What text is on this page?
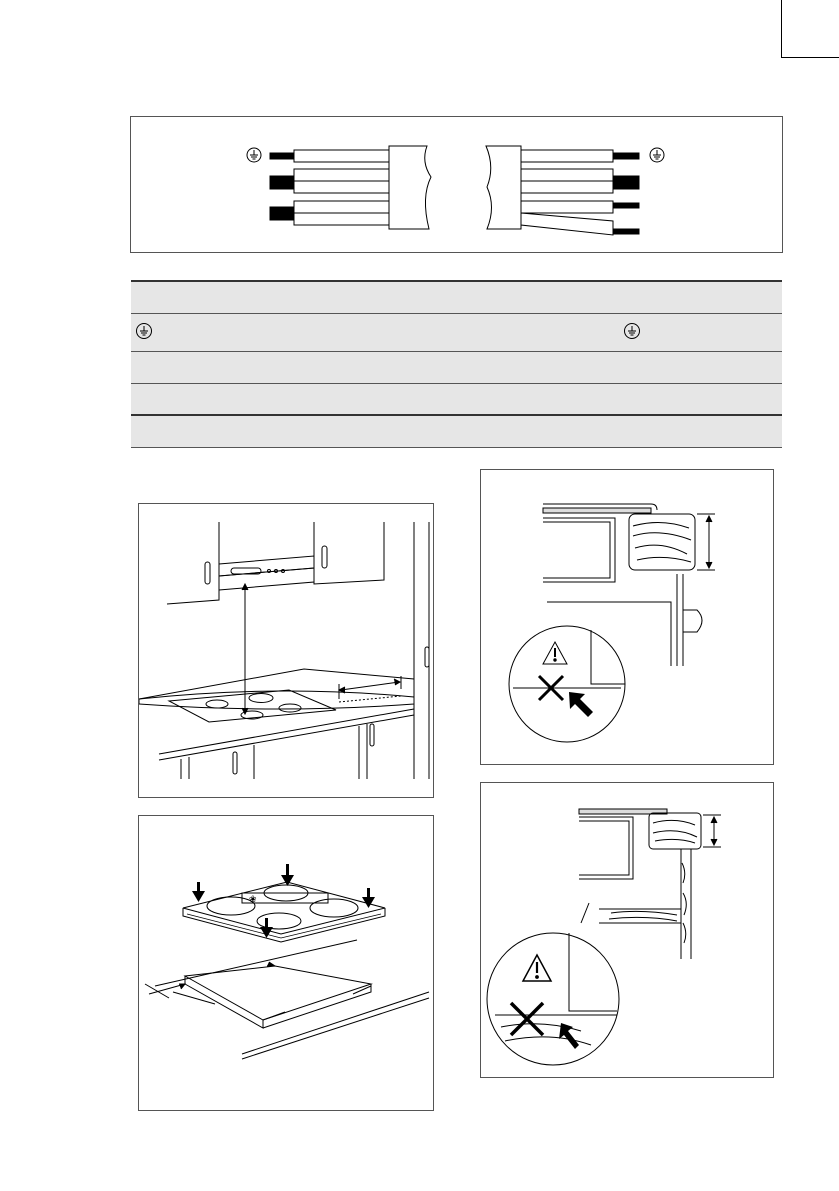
❀
